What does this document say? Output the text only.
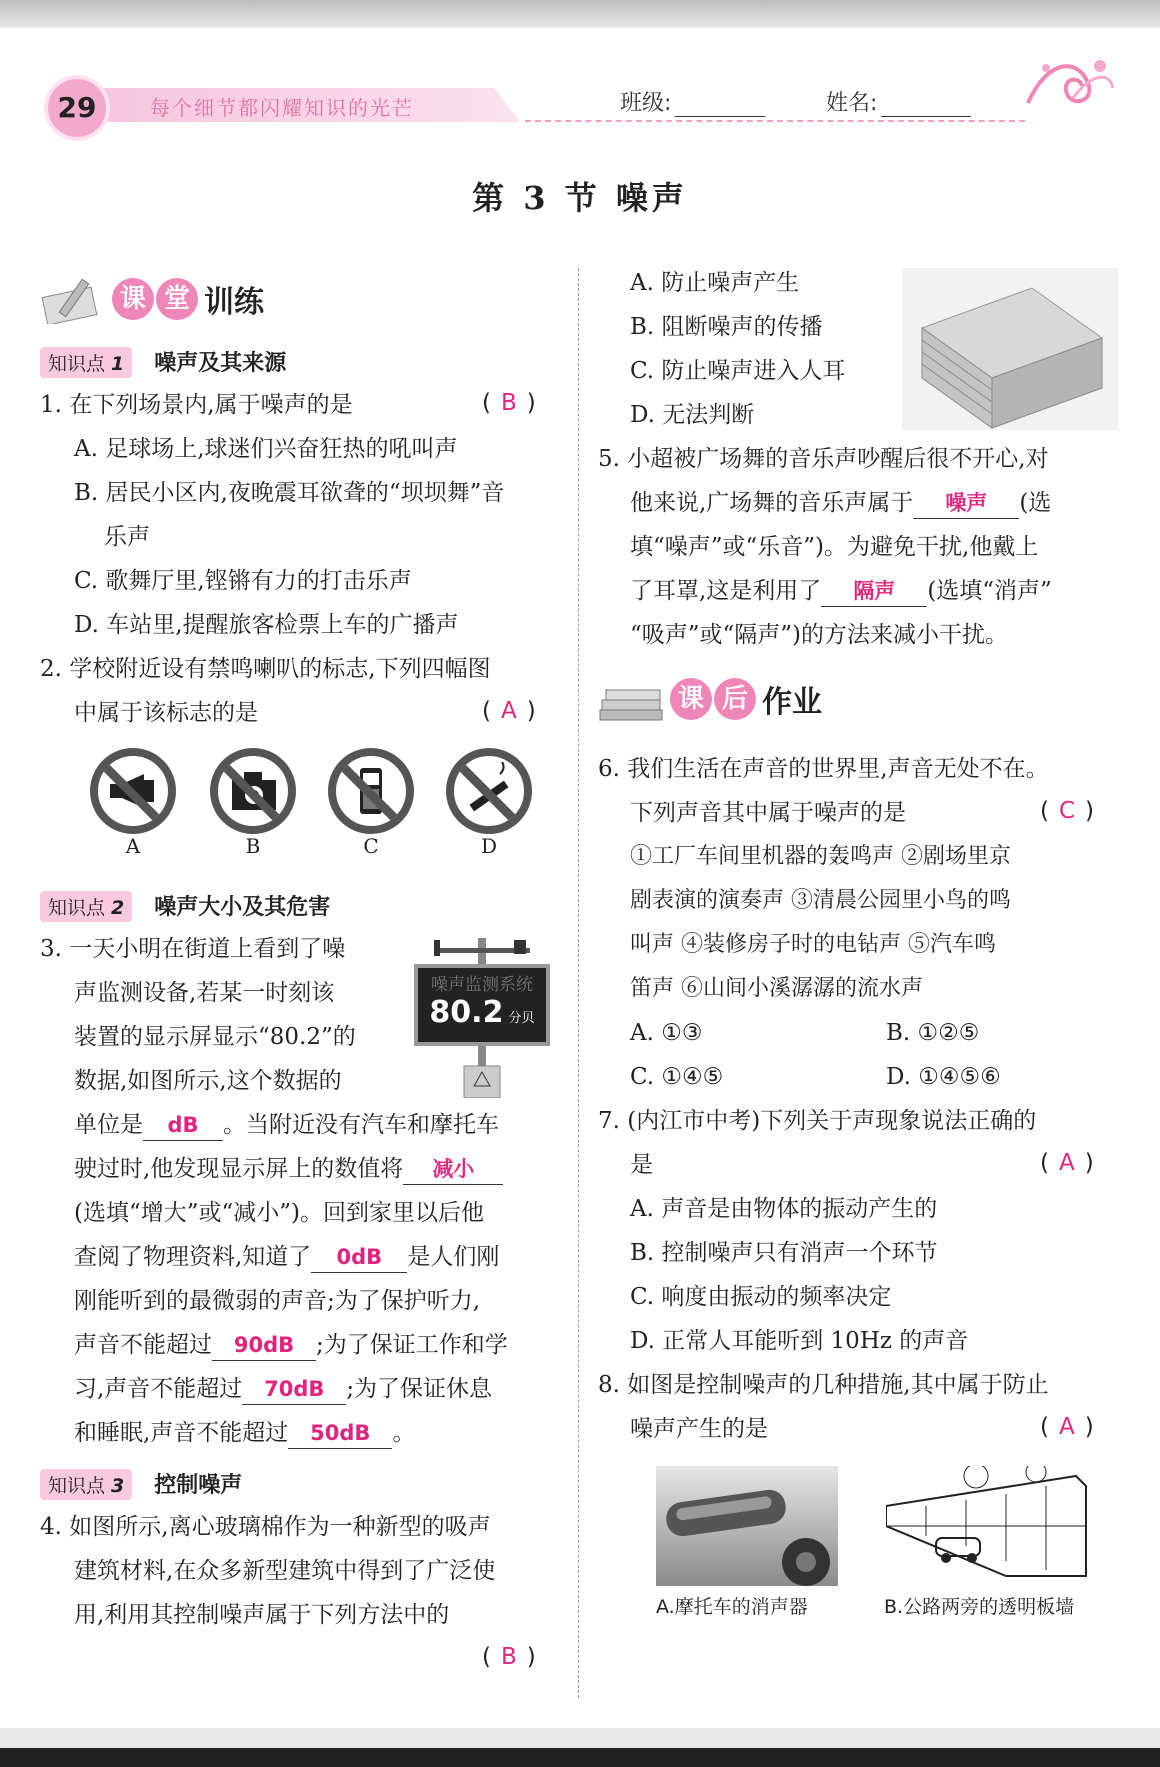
29	每个细节都闪耀知识的光芒	班级:	姓名:
第 3 节 噪声
课 堂 训练
知识点 1 噪声及其来源
1. 在下列场景内,属于噪声的是	( B )
A. 足球场上,球迷们兴奋狂热的吼叫声
B. 居民小区内,夜晚震耳欲聋的“坝坝舞”音
乐声
C. 歌舞厅里,铿锵有力的打击乐声
D. 车站里,提醒旅客检票上车的广播声
2. 学校附近设有禁鸣喇叭的标志,下列四幅图
中属于该标志的是	( A )
A	B	C	D
知识点 2 噪声大小及其危害
3. 一天小明在街道上看到了噪
声监测设备,若某一时刻该
装置的显示屏显示“80.2”的
数据,如图所示,这个数据的
噪声监测系统
80.2 分贝
单位是 dB 。当附近没有汽车和摩托车
驶过时,他发现显示屏上的数值将 减小
(选填“增大”或“减小”)。回到家里以后他
查阅了物理资料,知道了 0dB 是人们刚
刚能听到的最微弱的声音;为了保护听力,
声音不能超过 90dB ;为了保证工作和学
习,声音不能超过 70dB ;为了保证休息
和睡眠,声音不能超过 50dB 。
知识点 3 控制噪声
4. 如图所示,离心玻璃棉作为一种新型的吸声
建筑材料,在众多新型建筑中得到了广泛使
用,利用其控制噪声属于下列方法中的
( B )
A. 防止噪声产生
B. 阻断噪声的传播
C. 防止噪声进入人耳
D. 无法判断
5. 小超被广场舞的音乐声吵醒后很不开心,对
他来说,广场舞的音乐声属于 噪声 (选
填“噪声”或“乐音”)。为避免干扰,他戴上
了耳罩,这是利用了 隔声 (选填“消声”
“吸声”或“隔声”)的方法来减小干扰。
课 后 作业
6. 我们生活在声音的世界里,声音无处不在。
下列声音其中属于噪声的是	( C )
①工厂车间里机器的轰鸣声 ②剧场里京
剧表演的演奏声 ③清晨公园里小鸟的鸣
叫声 ④装修房子时的电钻声 ⑤汽车鸣
笛声 ⑥山间小溪潺潺的流水声
A. ①③	B. ①②⑤
C. ①④⑤	D. ①④⑤⑥
7. (内江市中考)下列关于声现象说法正确的
是	( A )
A. 声音是由物体的振动产生的
B. 控制噪声只有消声一个环节
C. 响度由振动的频率决定
D. 正常人耳能听到 10Hz 的声音
8. 如图是控制噪声的几种措施,其中属于防止
噪声产生的是	( A )
A.摩托车的消声器	B.公路两旁的透明板墙
